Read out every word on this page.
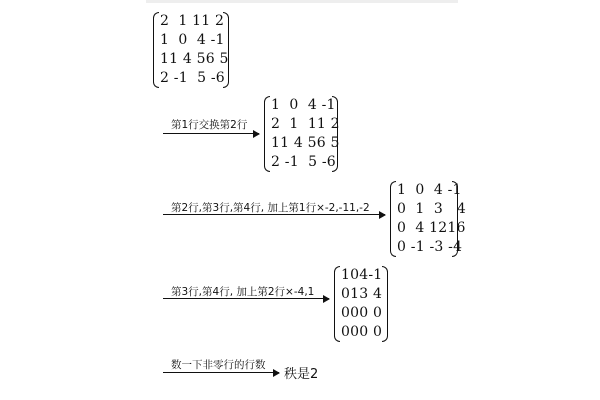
2  1 11 2
1  0  4 -1
11 4 56 5
2 -1  5 -6
第1行交换第2行
1  0  4 -1
2  1  11 2
11 4 56 5
2 -1  5 -6
第2行,第3行,第4行, 加上第1行×-2,-11,-2
1  0  4 -1
0  1  3   4
0  4 1216
0 -1 -3 -4
第3行,第4行, 加上第2行×-4,1
104-1
013 4
000 0
000 0
数一下非零行的行数
秩是2
